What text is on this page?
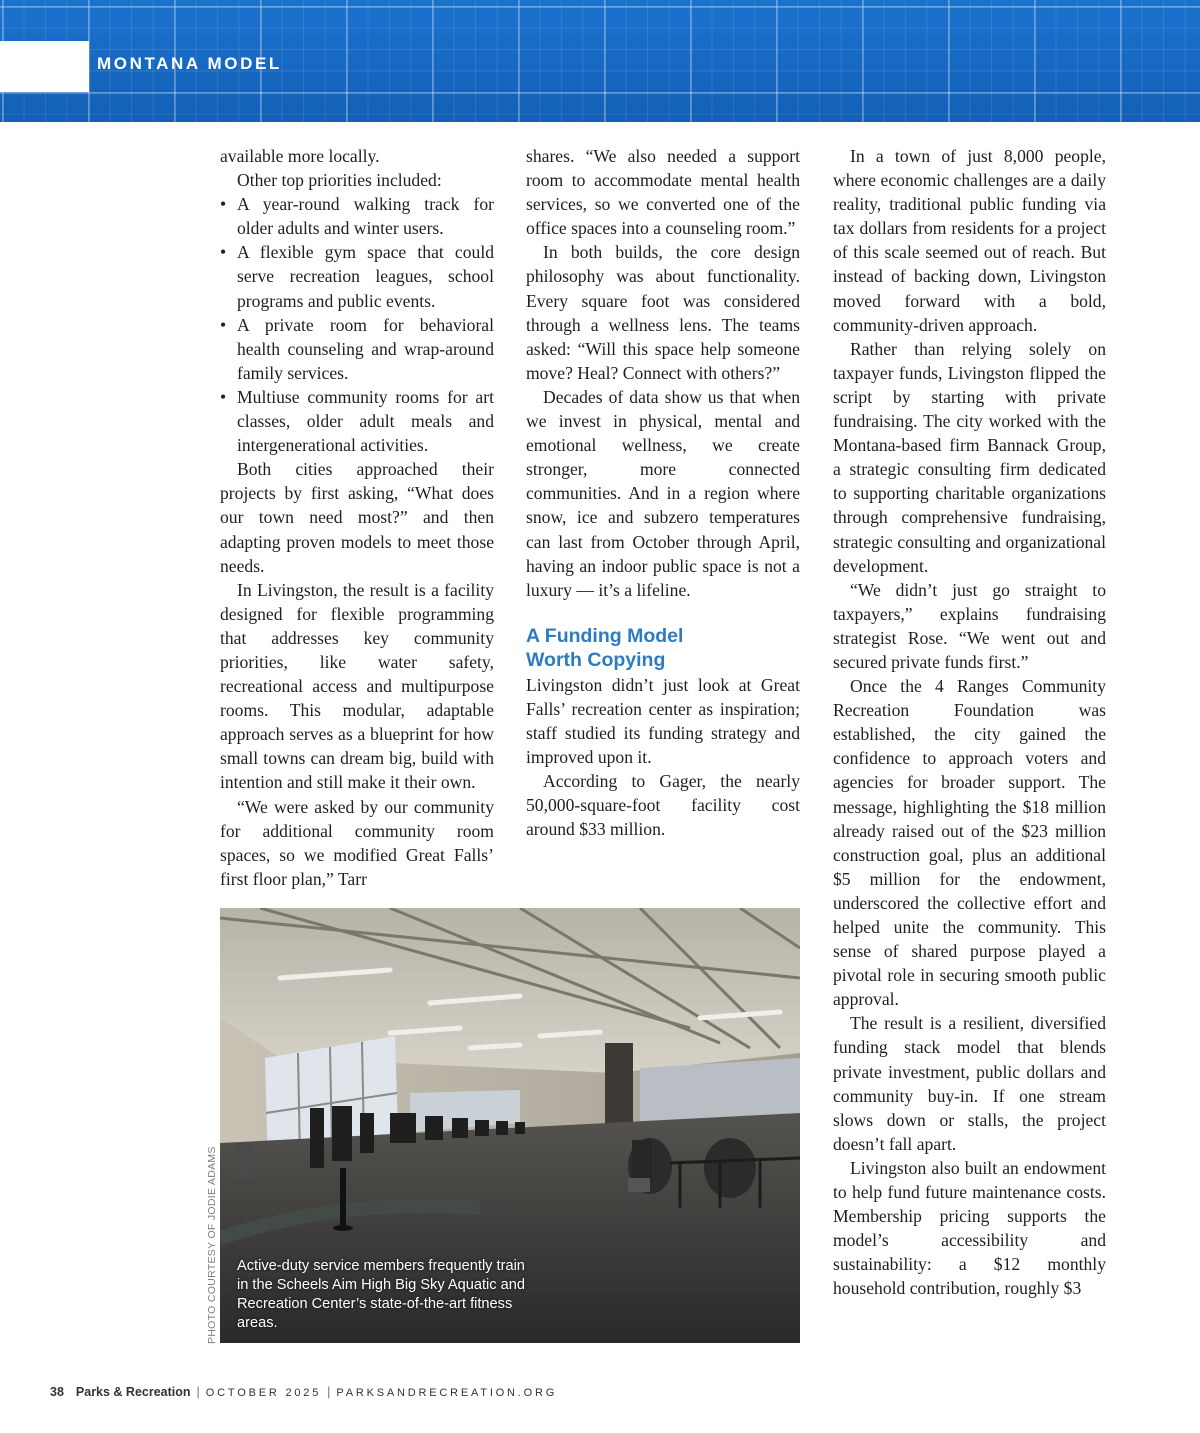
MONTANA MODEL

available more locally.

Other top priorities included:

• A year-round walking track for older adults and winter users.
• A flexible gym space that could serve recreation leagues, school programs and public events.
• A private room for behavioral health counseling and wrap-around family services.
• Multiuse community rooms for art classes, older adult meals and intergenerational activities.

Both cities approached their projects by first asking, “What does our town need most?” and then adapting proven models to meet those needs.

In Livingston, the result is a facility designed for flexible programming that addresses key community priorities, like water safety, recreational access and multipurpose rooms. This modular, adaptable approach serves as a blueprint for how small towns can dream big, build with intention and still make it their own.

“We were asked by our community for additional community room spaces, so we modified Great Falls’ first floor plan,” Tarr

shares. “We also needed a support room to accommodate mental health services, so we converted one of the office spaces into a counseling room.”

In both builds, the core design philosophy was about functionality. Every square foot was considered through a wellness lens. The teams asked: “Will this space help someone move? Heal? Connect with others?”

Decades of data show us that when we invest in physical, mental and emotional wellness, we create stronger, more connected communities. And in a region where snow, ice and subzero temperatures can last from October through April, having an indoor public space is not a luxury — it’s a lifeline.

A Funding Model
Worth Copying

Livingston didn’t just look at Great Falls’ recreation center as inspiration; staff studied its funding strategy and improved upon it.

According to Gager, the nearly 50,000-square-foot facility cost around $33 million.

In a town of just 8,000 people, where economic challenges are a daily reality, traditional public funding via tax dollars from residents for a project of this scale seemed out of reach. But instead of backing down, Livingston moved forward with a bold, community-driven approach.

Rather than relying solely on taxpayer funds, Livingston flipped the script by starting with private fundraising. The city worked with the Montana-based firm Bannack Group, a strategic consulting firm dedicated to supporting charitable organizations through comprehensive fundraising, strategic consulting and organizational development.

“We didn’t just go straight to taxpayers,” explains fundraising strategist Rose. “We went out and secured private funds first.”

Once the 4 Ranges Community Recreation Foundation was established, the city gained the confidence to approach voters and agencies for broader support. The message, highlighting the $18 million already raised out of the $23 million construction goal, plus an additional $5 million for the endowment, underscored the collective effort and helped unite the community. This sense of shared purpose played a pivotal role in securing smooth public approval.

The result is a resilient, diversified funding stack model that blends private investment, public dollars and community buy-in. If one stream slows down or stalls, the project doesn’t fall apart.

Livingston also built an endowment to help fund future maintenance costs. Membership pricing supports the model’s accessibility and sustainability: a $12 monthly household contribution, roughly $3

Active-duty service members frequently train in the Scheels Aim High Big Sky Aquatic and Recreation Center’s state-of-the-art fitness areas.
PHOTO COURTESY OF JODIE ADAMS
38 Parks & Recreation | OCTOBER 2025 | PARKSANDRECREATION.ORG
